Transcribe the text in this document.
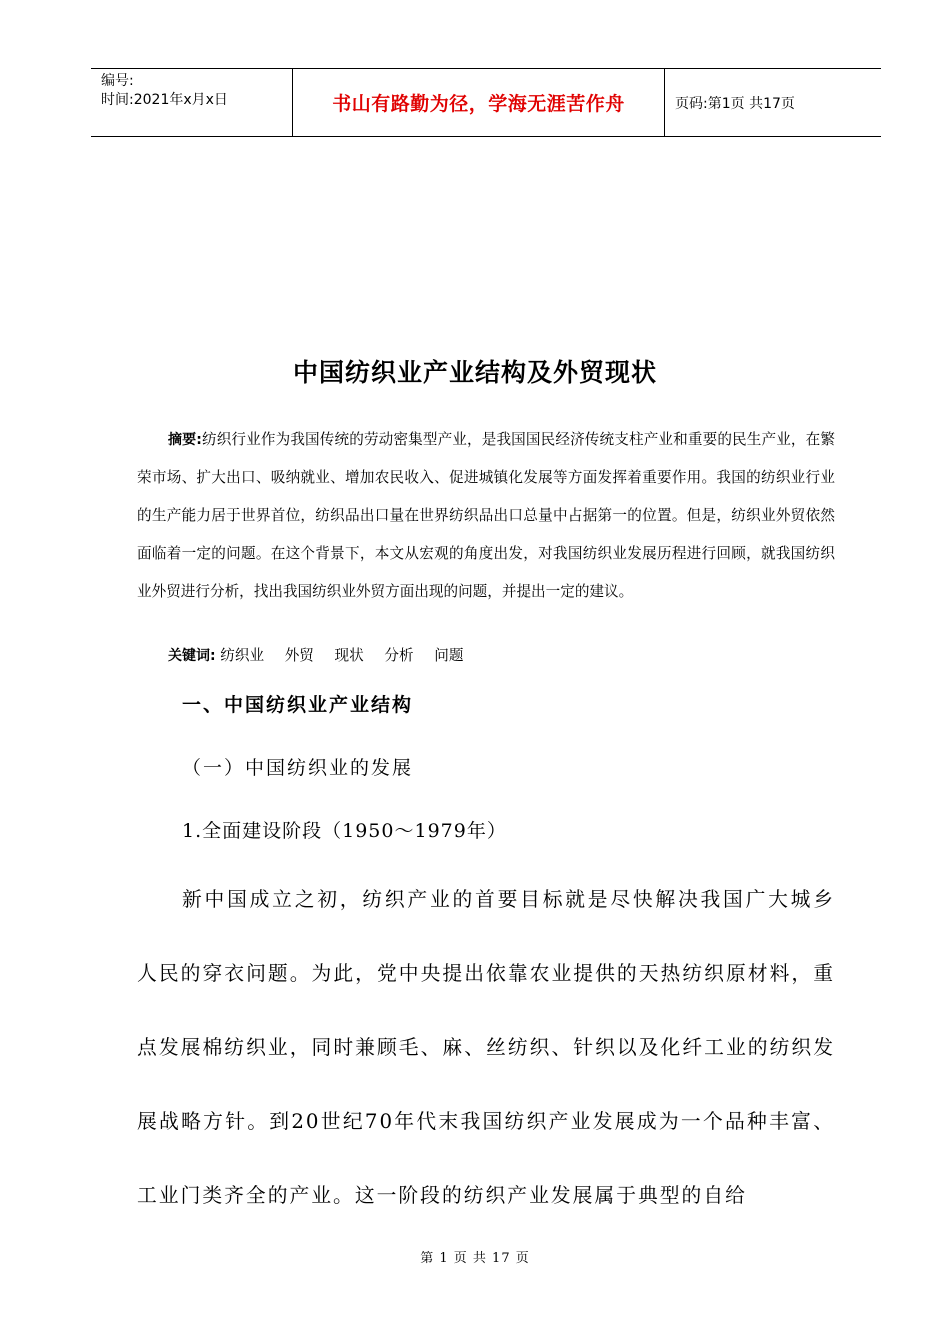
编号:
时间:2021年x月x日	书山有路勤为径，学海无涯苦作舟	页码:第1页 共17页
中国纺织业产业结构及外贸现状
摘要:纺织行业作为我国传统的劳动密集型产业，是我国国民经济传统支柱产业和重要的民生产业，在繁荣市场、扩大出口、吸纳就业、增加农民收入、促进城镇化发展等方面发挥着重要作用。我国的纺织业行业的生产能力居于世界首位，纺织品出口量在世界纺织品出口总量中占据第一的位置。但是，纺织业外贸依然面临着一定的问题。在这个背景下，本文从宏观的角度出发，对我国纺织业发展历程进行回顾，就我国纺织业外贸进行分析，找出我国纺织业外贸方面出现的问题，并提出一定的建议。
关键词: 纺织业 外贸 现状 分析 问题
一、中国纺织业产业结构
（一）中国纺织业的发展
1.全面建设阶段（1950～1979年）
新中国成立之初，纺织产业的首要目标就是尽快解决我国广大城乡人民的穿衣问题。为此，党中央提出依靠农业提供的天热纺织原材料，重点发展棉纺织业，同时兼顾毛、麻、丝纺织、针织以及化纤工业的纺织发展战略方针。到20世纪70年代末我国纺织产业发展成为一个品种丰富、工业门类齐全的产业。这一阶段的纺织产业发展属于典型的自给
第 1 页 共 17 页
